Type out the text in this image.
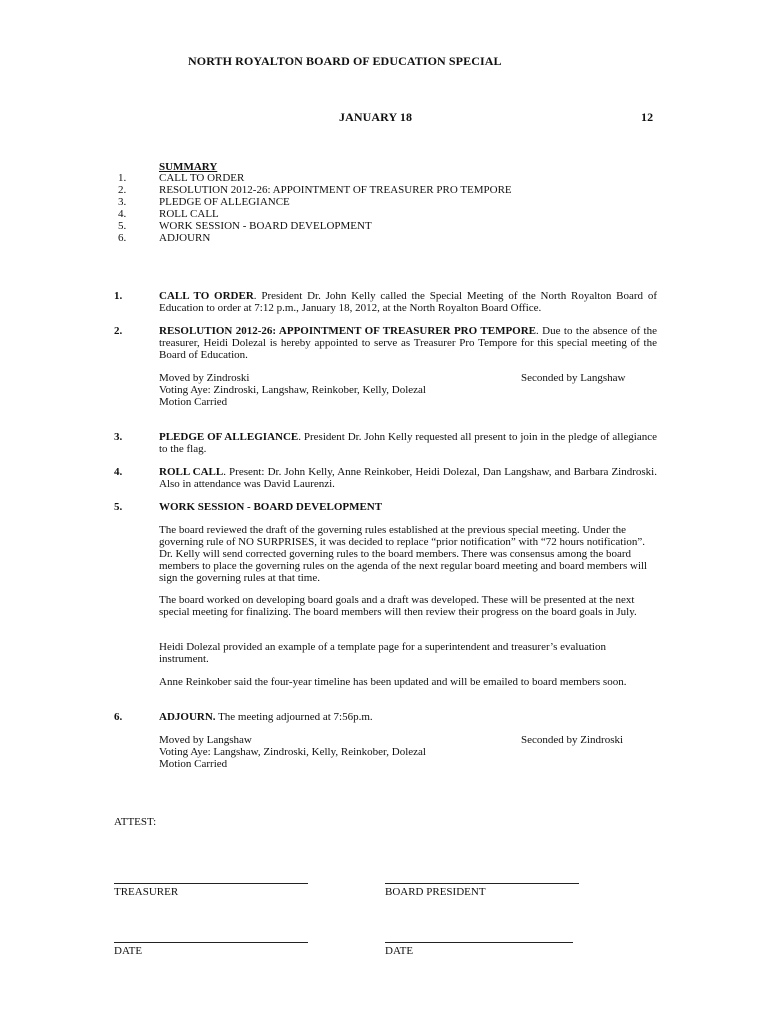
NORTH ROYALTON BOARD OF EDUCATION SPECIAL
JANUARY 18	12
SUMMARY
1.	CALL TO ORDER
2.	RESOLUTION 2012-26: APPOINTMENT OF TREASURER PRO TEMPORE
3.	PLEDGE OF ALLEGIANCE
4.	ROLL CALL
5.	WORK SESSION - BOARD DEVELOPMENT
6.	ADJOURN
1.	CALL TO ORDER. President Dr. John Kelly called the Special Meeting of the North Royalton Board of Education to order at 7:12 p.m., January 18, 2012, at the North Royalton Board Office.
2.	RESOLUTION 2012-26: APPOINTMENT OF TREASURER PRO TEMPORE. Due to the absence of the treasurer, Heidi Dolezal is hereby appointed to serve as Treasurer Pro Tempore for this special meeting of the Board of Education.
Moved by Zindroski	Seconded by Langshaw
Voting Aye: Zindroski, Langshaw, Reinkober, Kelly, Dolezal
Motion Carried
3.	PLEDGE OF ALLEGIANCE. President Dr. John Kelly requested all present to join in the pledge of allegiance to the flag.
4.	ROLL CALL. Present: Dr. John Kelly, Anne Reinkober, Heidi Dolezal, Dan Langshaw, and Barbara Zindroski. Also in attendance was David Laurenzi.
5.	WORK SESSION - BOARD DEVELOPMENT
The board reviewed the draft of the governing rules established at the previous special meeting. Under the governing rule of NO SURPRISES, it was decided to replace “prior notification” with “72 hours notification”. Dr. Kelly will send corrected governing rules to the board members. There was consensus among the board members to place the governing rules on the agenda of the next regular board meeting and board members will sign the governing rules at that time.
The board worked on developing board goals and a draft was developed. These will be presented at the next special meeting for finalizing. The board members will then review their progress on the board goals in July.
Heidi Dolezal provided an example of a template page for a superintendent and treasurer’s evaluation instrument.
Anne Reinkober said the four-year timeline has been updated and will be emailed to board members soon.
6.	ADJOURN. The meeting adjourned at 7:56p.m.
Moved by Langshaw	Seconded by Zindroski
Voting Aye: Langshaw, Zindroski, Kelly, Reinkober, Dolezal
Motion Carried
ATTEST:
TREASURER	BOARD PRESIDENT
DATE	DATE
